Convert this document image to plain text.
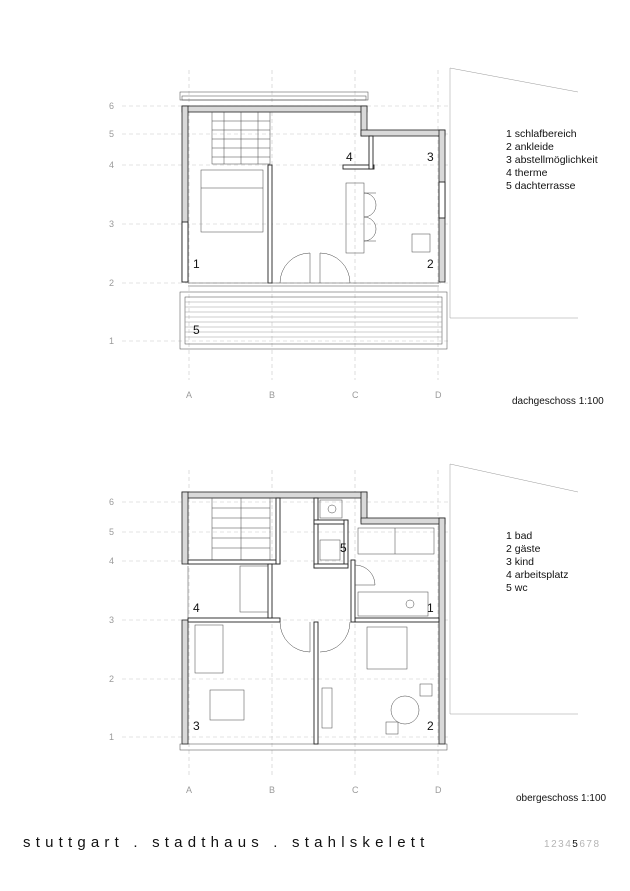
6
5
4
3
2
1
A	B	C	D
4	3
1	2
5
1 schlafbereich
2 ankleide
3 abstellmöglichkeit
4 therme
5 dachterrasse
dachgeschoss 1:100
6
5
4
3
2
1
A	B	C	D
5
4	1
3	2
1 bad
2 gäste
3 kind
4 arbeitsplatz
5 wc
obergeschoss 1:100
stuttgart . stadthaus . stahlskelett	12345678
